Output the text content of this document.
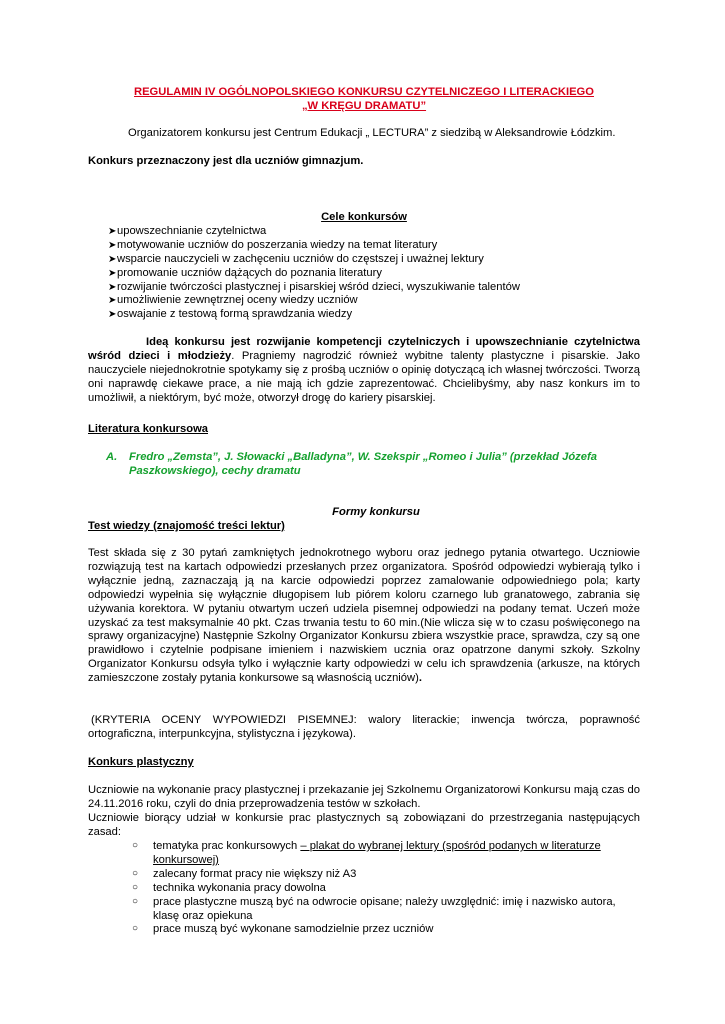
REGULAMIN IV OGÓLNOPOLSKIEGO KONKURSU CZYTELNICZEGO I LITERACKIEGO
„W KRĘGU DRAMATU”

Organizatorem konkursu jest Centrum Edukacji „ LECTURA” z siedzibą w Aleksandrowie Łódzkim.

Konkurs przeznaczony jest dla uczniów gimnazjum.

Cele konkursów
➤ upowszechnianie czytelnictwa
➤ motywowanie uczniów do poszerzania wiedzy na temat literatury
➤ wsparcie nauczycieli w zachęceniu uczniów do częstszej i uważnej lektury
➤ promowanie uczniów dążących do poznania literatury
➤ rozwijanie twórczości plastycznej i pisarskiej wśród dzieci, wyszukiwanie talentów
➤ umożliwienie zewnętrznej oceny wiedzy uczniów
➤ oswajanie z testową formą sprawdzania wiedzy

Ideą konkursu jest rozwijanie kompetencji czytelniczych i upowszechnianie czytelnictwa wśród dzieci i młodzieży. Pragniemy nagrodzić również wybitne talenty plastyczne i pisarskie. Jako nauczyciele niejednokrotnie spotykamy się z prośbą uczniów o opinię dotyczącą ich własnej twórczości. Tworzą oni naprawdę ciekawe prace, a nie mają ich gdzie zaprezentować. Chcielibyśmy, aby nasz konkurs im to umożliwił, a niektórym, być może, otworzył drogę do kariery pisarskiej.

Literatura konkursowa
A. Fredro „Zemsta”, J. Słowacki „Balladyna”, W. Szekspir „Romeo i Julia” (przekład Józefa Paszkowskiego), cechy dramatu
Formy konkursu
Test wiedzy (znajomość treści lektur)

Test składa się z 30 pytań zamkniętych jednokrotnego wyboru oraz jednego pytania otwartego. Uczniowie rozwiązują test na kartach odpowiedzi przesłanych przez organizatora. Spośród odpowiedzi wybierają tylko i wyłącznie jedną, zaznaczają ją na karcie odpowiedzi poprzez zamalowanie odpowiedniego pola; karty odpowiedzi wypełnia się wyłącznie długopisem lub piórem koloru czarnego lub granatowego, zabrania się używania korektora. W pytaniu otwartym uczeń udziela pisemnej odpowiedzi na podany temat. Uczeń może uzyskać za test maksymalnie 40 pkt. Czas trwania testu to 60 min.(Nie wlicza się w to czasu poświęconego na sprawy organizacyjne) Następnie Szkolny Organizator Konkursu zbiera wszystkie prace, sprawdza, czy są one prawidłowo i czytelnie podpisane imieniem i nazwiskiem ucznia oraz opatrzone danymi szkoły. Szkolny Organizator Konkursu odsyła tylko i wyłącznie karty odpowiedzi w celu ich sprawdzenia (arkusze, na których zamieszczone zostały pytania konkursowe są własnością uczniów).

(KRYTERIA OCENY WYPOWIEDZI PISEMNEJ: walory literackie; inwencja twórcza, poprawność ortograficzna, interpunkcyjna, stylistyczna i językowa).

Konkurs plastyczny

Uczniowie na wykonanie pracy plastycznej i przekazanie jej Szkolnemu Organizatorowi Konkursu mają czas do 24.11.2016 roku, czyli do dnia przeprowadzenia testów w szkołach.

Uczniowie biorący udział w konkursie prac plastycznych są zobowiązani do przestrzegania następujących zasad:

○ tematyka prac konkursowych – plakat do wybranej lektury (spośród podanych w literaturze konkursowej)
○ zalecany format pracy nie większy niż A3
○ technika wykonania pracy dowolna
○ prace plastyczne muszą być na odwrocie opisane; należy uwzględnić: imię i nazwisko autora, klasę oraz opiekuna
○ prace muszą być wykonane samodzielnie przez uczniów
